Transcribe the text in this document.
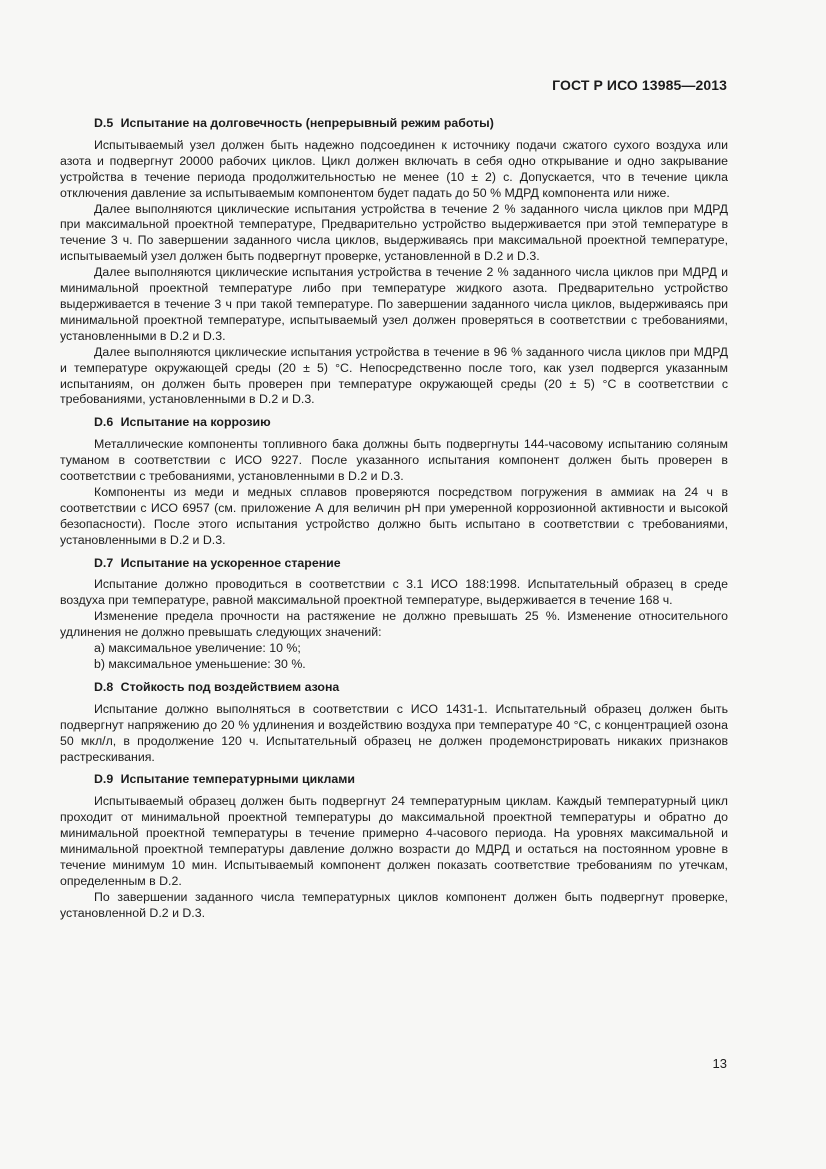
ГОСТ Р ИСО 13985—2013
D.5 Испытание на долговечность (непрерывный режим работы)

Испытываемый узел должен быть надежно подсоединен к источнику подачи сжатого сухого воздуха или азота и подвергнут 20000 рабочих циклов. Цикл должен включать в себя одно открывание и одно закрывание устройства в течение периода продолжительностью не менее (10 ± 2) с. Допускается, что в течение цикла отключения давление за испытываемым компонентом будет падать до 50 % МДРД компонента или ниже.

Далее выполняются циклические испытания устройства в течение 2 % заданного числа циклов при МДРД при максимальной проектной температуре, Предварительно устройство выдерживается при этой температуре в течение 3 ч. По завершении заданного числа циклов, выдерживаясь при максимальной проектной температуре, испытываемый узел должен быть подвергнут проверке, установленной в D.2 и D.3.

Далее выполняются циклические испытания устройства в течение 2 % заданного числа циклов при МДРД и минимальной проектной температуре либо при температуре жидкого азота. Предварительно устройство выдерживается в течение 3 ч при такой температуре. По завершении заданного числа циклов, выдерживаясь при минимальной проектной температуре, испытываемый узел должен проверяться в соответствии с требованиями, установленными в D.2 и D.3.

Далее выполняются циклические испытания устройства в течение в 96 % заданного числа циклов при МДРД и температуре окружающей среды (20 ± 5) °С. Непосредственно после того, как узел подвергся указанным испытаниям, он должен быть проверен при температуре окружающей среды (20 ± 5) °С в соответствии с требованиями, установленными в D.2 и D.3.

D.6 Испытание на коррозию

Металлические компоненты топливного бака должны быть подвергнуты 144-часовому испытанию соляным туманом в соответствии с ИСО 9227. После указанного испытания компонент должен быть проверен в соответствии с требованиями, установленными в D.2 и D.3.

Компоненты из меди и медных сплавов проверяются посредством погружения в аммиак на 24 ч в соответствии с ИСО 6957 (см. приложение А для величин рН при умеренной коррозионной активности и высокой безопасности). После этого испытания устройство должно быть испытано в соответствии с требованиями, установленными в D.2 и D.3.

D.7 Испытание на ускоренное старение

Испытание должно проводиться в соответствии с 3.1 ИСО 188:1998. Испытательный образец в среде воздуха при температуре, равной максимальной проектной температуре, выдерживается в течение 168 ч.

Изменение предела прочности на растяжение не должно превышать 25 %. Изменение относительного удлинения не должно превышать следующих значений:

a) максимальное увеличение: 10 %;
b) максимальное уменьшение: 30 %.
D.8 Стойкость под воздействием азона

Испытание должно выполняться в соответствии с ИСО 1431-1. Испытательный образец должен быть подвергнут напряжению до 20 % удлинения и воздействию воздуха при температуре 40 °С, с концентрацией озона 50 мкл/л, в продолжение 120 ч. Испытательный образец не должен продемонстрировать никаких признаков растрескивания.

D.9 Испытание температурными циклами

Испытываемый образец должен быть подвергнут 24 температурным циклам. Каждый температурный цикл проходит от минимальной проектной температуры до максимальной проектной температуры и обратно до минимальной проектной температуры в течение примерно 4-часового периода. На уровнях максимальной и минимальной проектной температуры давление должно возрасти до МДРД и остаться на постоянном уровне в течение минимум 10 мин. Испытываемый компонент должен показать соответствие требованиям по утечкам, определенным в D.2.

По завершении заданного числа температурных циклов компонент должен быть подвергнут проверке, установленной D.2 и D.3.

13
